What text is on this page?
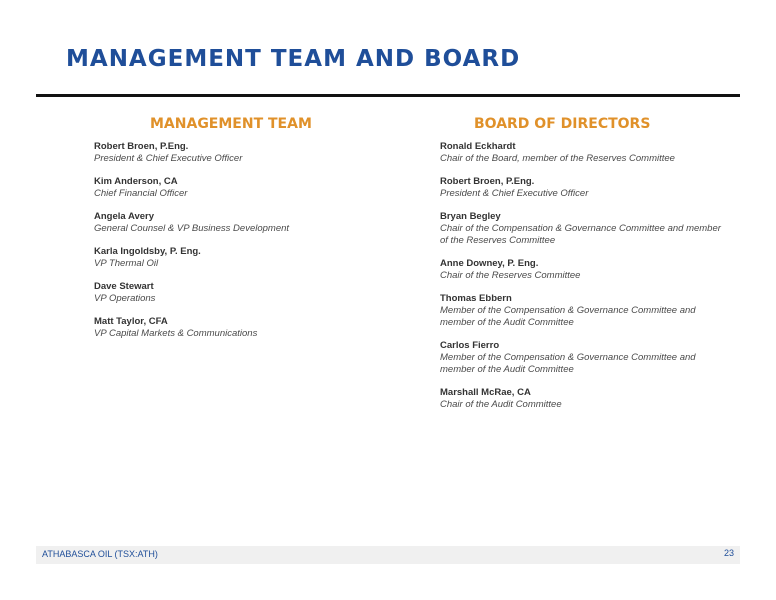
MANAGEMENT TEAM AND BOARD
MANAGEMENT TEAM
Robert Broen, P.Eng.
President & Chief Executive Officer
Kim Anderson, CA
Chief Financial Officer
Angela Avery
General Counsel & VP Business Development
Karla Ingoldsby, P. Eng.
VP Thermal Oil
Dave Stewart
VP Operations
Matt Taylor, CFA
VP Capital Markets & Communications
BOARD OF DIRECTORS
Ronald Eckhardt
Chair of the Board, member of the Reserves Committee
Robert Broen, P.Eng.
President & Chief Executive Officer
Bryan Begley
Chair of the Compensation & Governance Committee and member of the Reserves Committee
Anne Downey, P. Eng.
Chair of the Reserves Committee
Thomas Ebbern
Member of the Compensation & Governance Committee and member of the Audit Committee
Carlos Fierro
Member of the Compensation & Governance Committee and member of the Audit Committee
Marshall McRae, CA
Chair of the Audit Committee
ATHABASCA OIL (TSX:ATH)	23
